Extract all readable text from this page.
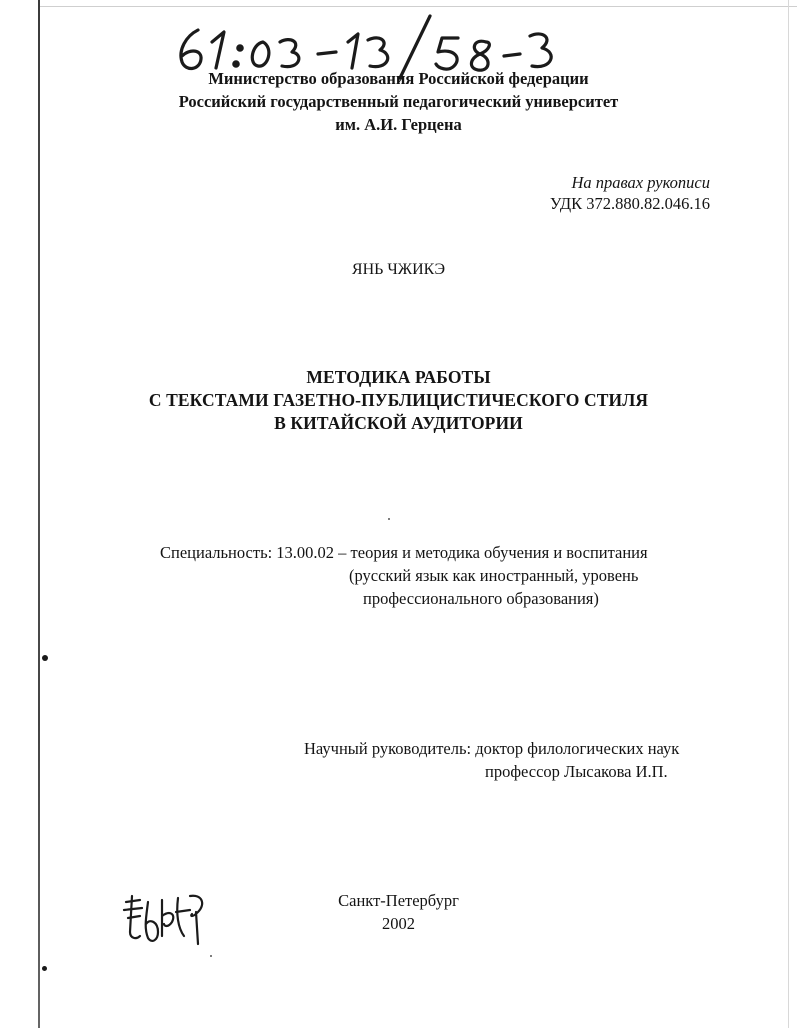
Министерство образования Российской федерации
Российский государственный педагогический университет
им. А.И. Герцена
На правах рукописи
УДК 372.880.82.046.16
ЯНЬ ЧЖИКЭ
МЕТОДИКА РАБОТЫ
С ТЕКСТАМИ ГАЗЕТНО-ПУБЛИЦИСТИЧЕСКОГО СТИЛЯ
В КИТАЙСКОЙ АУДИТОРИИ
Специальность: 13.00.02 – теория и методика обучения и воспитания
(русский язык как иностранный, уровень
профессионального образования)
Научный руководитель: доктор филологических наук
профессор Лысакова И.П.
Санкт-Петербург
2002
